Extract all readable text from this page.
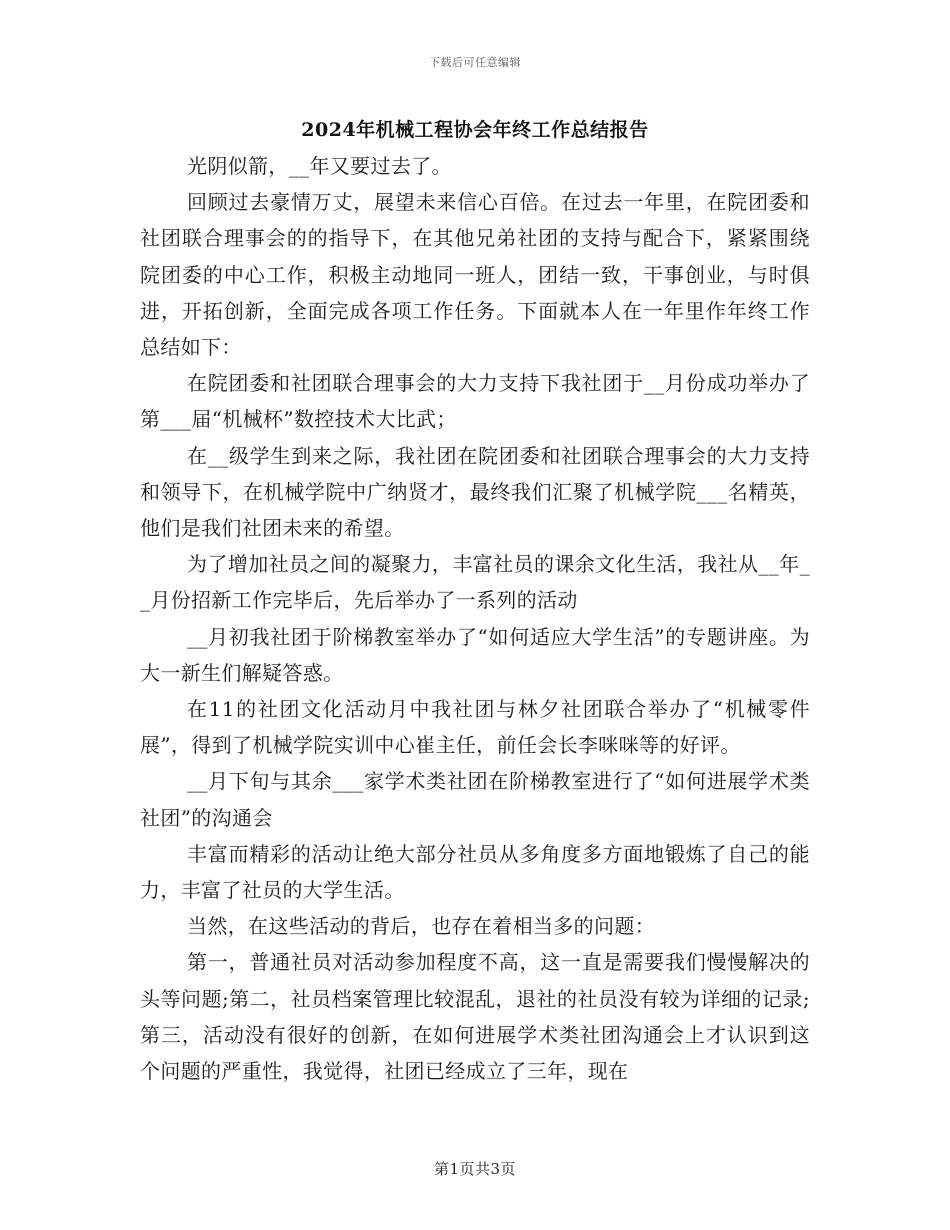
下载后可任意编辑
2024年机械工程协会年终工作总结报告

光阴似箭，__年又要过去了。

回顾过去豪情万丈，展望未来信心百倍。在过去一年里，在院团委和社团联合理事会的的指导下，在其他兄弟社团的支持与配合下，紧紧围绕院团委的中心工作，积极主动地同一班人，团结一致，干事创业，与时俱进，开拓创新，全面完成各项工作任务。下面就本人在一年里作年终工作总结如下：

在院团委和社团联合理事会的大力支持下我社团于__月份成功举办了第___届“机械杯”数控技术大比武；

在__级学生到来之际，我社团在院团委和社团联合理事会的大力支持和领导下，在机械学院中广纳贤才，最终我们汇聚了机械学院___名精英，他们是我们社团未来的希望。

为了增加社员之间的凝聚力，丰富社员的课余文化生活，我社从__年__月份招新工作完毕后，先后举办了一系列的活动

__月初我社团于阶梯教室举办了“如何适应大学生活”的专题讲座。为大一新生们解疑答惑。

在11的社团文化活动月中我社团与林夕社团联合举办了“机械零件展”，得到了机械学院实训中心崔主任，前任会长李咪咪等的好评。

__月下旬与其余___家学术类社团在阶梯教室进行了“如何进展学术类社团”的沟通会

丰富而精彩的活动让绝大部分社员从多角度多方面地锻炼了自己的能力，丰富了社员的大学生活。

当然，在这些活动的背后，也存在着相当多的问题：

第一，普通社员对活动参加程度不高，这一直是需要我们慢慢解决的头等问题;第二，社员档案管理比较混乱，退社的社员没有较为详细的记录;第三，活动没有很好的创新，在如何进展学术类社团沟通会上才认识到这个问题的严重性，我觉得，社团已经成立了三年，现在

第1页共3页
